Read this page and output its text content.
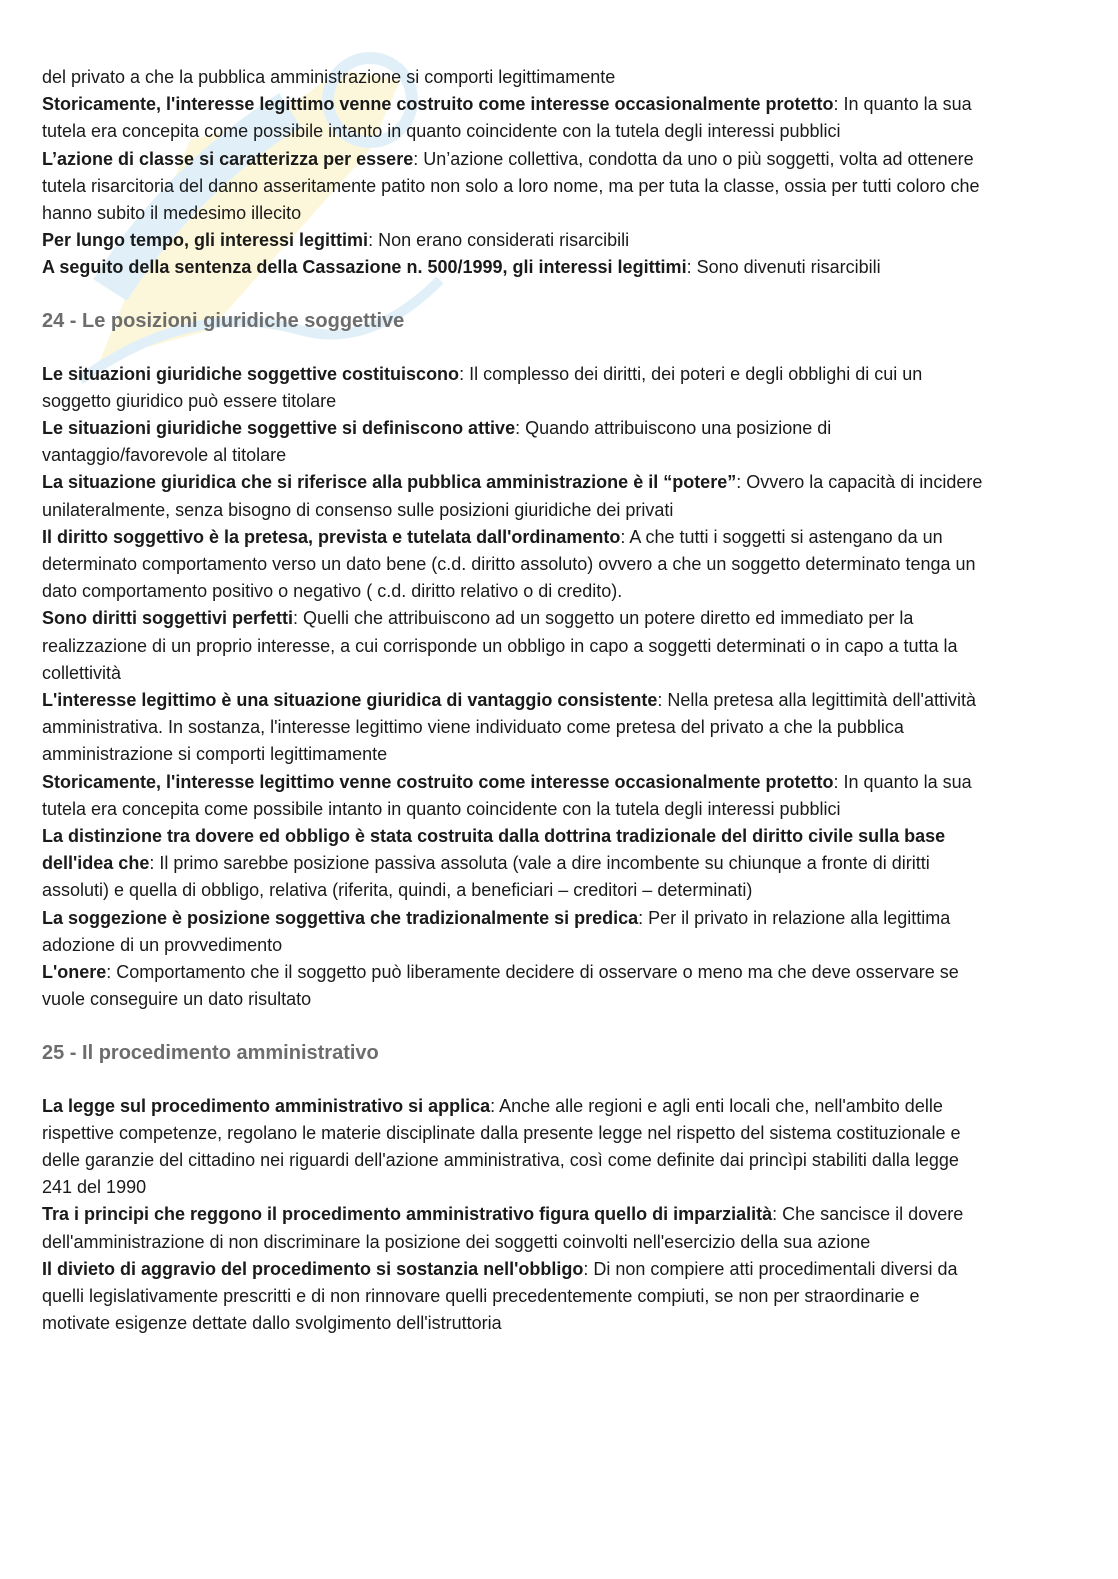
del privato a che la pubblica amministrazione si comporti legittimamente

Storicamente, l'interesse legittimo venne costruito come interesse occasionalmente protetto: In quanto la sua tutela era concepita come possibile intanto in quanto coincidente con la tutela degli interessi pubblici

L’azione di classe si caratterizza per essere: Un’azione collettiva, condotta da uno o più soggetti, volta ad ottenere tutela risarcitoria del danno asseritamente patito non solo a loro nome, ma per tuta la classe, ossia per tutti coloro che hanno subito il medesimo illecito

Per lungo tempo, gli interessi legittimi: Non erano considerati risarcibili

A seguito della sentenza della Cassazione n. 500/1999, gli interessi legittimi: Sono divenuti risarcibili

24 - Le posizioni giuridiche soggettive

Le situazioni giuridiche soggettive costituiscono: Il complesso dei diritti, dei poteri e degli obblighi di cui un soggetto giuridico può essere titolare

Le situazioni giuridiche soggettive si definiscono attive: Quando attribuiscono una posizione di vantaggio/favorevole al titolare

La situazione giuridica che si riferisce alla pubblica amministrazione è il “potere”: Ovvero la capacità di incidere unilateralmente, senza bisogno di consenso sulle posizioni giuridiche dei privati

Il diritto soggettivo è la pretesa, prevista e tutelata dall'ordinamento: A che tutti i soggetti si astengano da un determinato comportamento verso un dato bene (c.d. diritto assoluto) ovvero a che un soggetto determinato tenga un dato comportamento positivo o negativo ( c.d. diritto relativo o di credito).

Sono diritti soggettivi perfetti: Quelli che attribuiscono ad un soggetto un potere diretto ed immediato per la realizzazione di un proprio interesse, a cui corrisponde un obbligo in capo a soggetti determinati o in capo a tutta la collettività

L'interesse legittimo è una situazione giuridica di vantaggio consistente: Nella pretesa alla legittimità dell'attività amministrativa. In sostanza, l'interesse legittimo viene individuato come pretesa del privato a che la pubblica amministrazione si comporti legittimamente

Storicamente, l'interesse legittimo venne costruito come interesse occasionalmente protetto: In quanto la sua tutela era concepita come possibile intanto in quanto coincidente con la tutela degli interessi pubblici

La distinzione tra dovere ed obbligo è stata costruita dalla dottrina tradizionale del diritto civile sulla base dell'idea che: Il primo sarebbe posizione passiva assoluta (vale a dire incombente su chiunque a fronte di diritti assoluti) e quella di obbligo, relativa (riferita, quindi, a beneficiari – creditori – determinati)

La soggezione è posizione soggettiva che tradizionalmente si predica: Per il privato in relazione alla legittima adozione di un provvedimento

L'onere: Comportamento che il soggetto può liberamente decidere di osservare o meno ma che deve osservare se vuole conseguire un dato risultato

25 - Il procedimento amministrativo

La legge sul procedimento amministrativo si applica: Anche alle regioni e agli enti locali che, nell'ambito delle rispettive competenze, regolano le materie disciplinate dalla presente legge nel rispetto del sistema costituzionale e delle garanzie del cittadino nei riguardi dell'azione amministrativa, così come definite dai princìpi stabiliti dalla legge 241 del 1990

Tra i principi che reggono il procedimento amministrativo figura quello di imparzialità: Che sancisce il dovere dell'amministrazione di non discriminare la posizione dei soggetti coinvolti nell'esercizio della sua azione

Il divieto di aggravio del procedimento si sostanzia nell'obbligo: Di non compiere atti procedimentali diversi da quelli legislativamente prescritti e di non rinnovare quelli precedentemente compiuti, se non per straordinarie e motivate esigenze dettate dallo svolgimento dell'istruttoria
